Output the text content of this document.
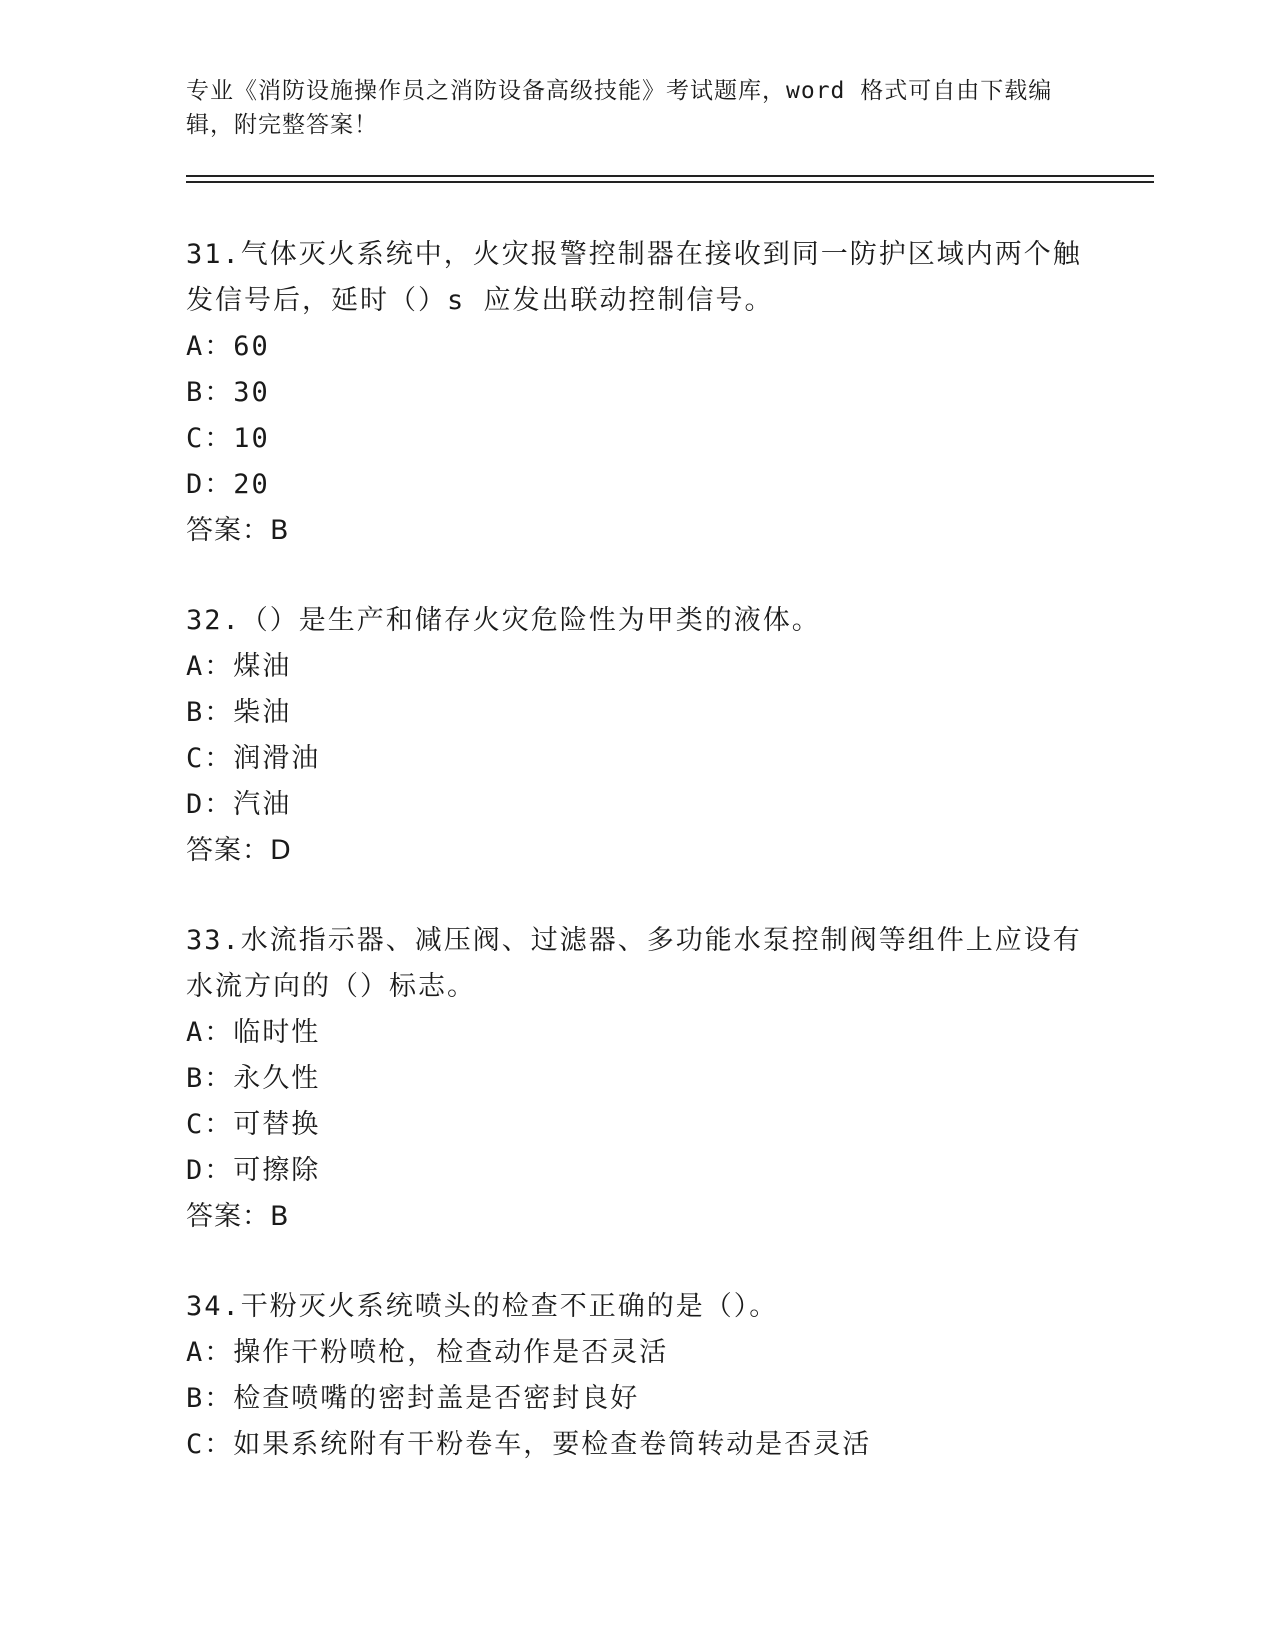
专业《消防设施操作员之消防设备高级技能》考试题库，word 格式可自由下载编辑，附完整答案！
31.气体灭火系统中，火灾报警控制器在接收到同一防护区域内两个触发信号后，延时（）s 应发出联动控制信号。
A：60
B：30
C：10
D：20
答案：B
32.（）是生产和储存火灾危险性为甲类的液体。
A：煤油
B：柴油
C：润滑油
D：汽油
答案：D
33.水流指示器、减压阀、过滤器、多功能水泵控制阀等组件上应设有水流方向的（）标志。
A：临时性
B：永久性
C：可替换
D：可擦除
答案：B
34.干粉灭火系统喷头的检查不正确的是（）。
A：操作干粉喷枪，检查动作是否灵活
B：检查喷嘴的密封盖是否密封良好
C：如果系统附有干粉卷车，要检查卷筒转动是否灵活
